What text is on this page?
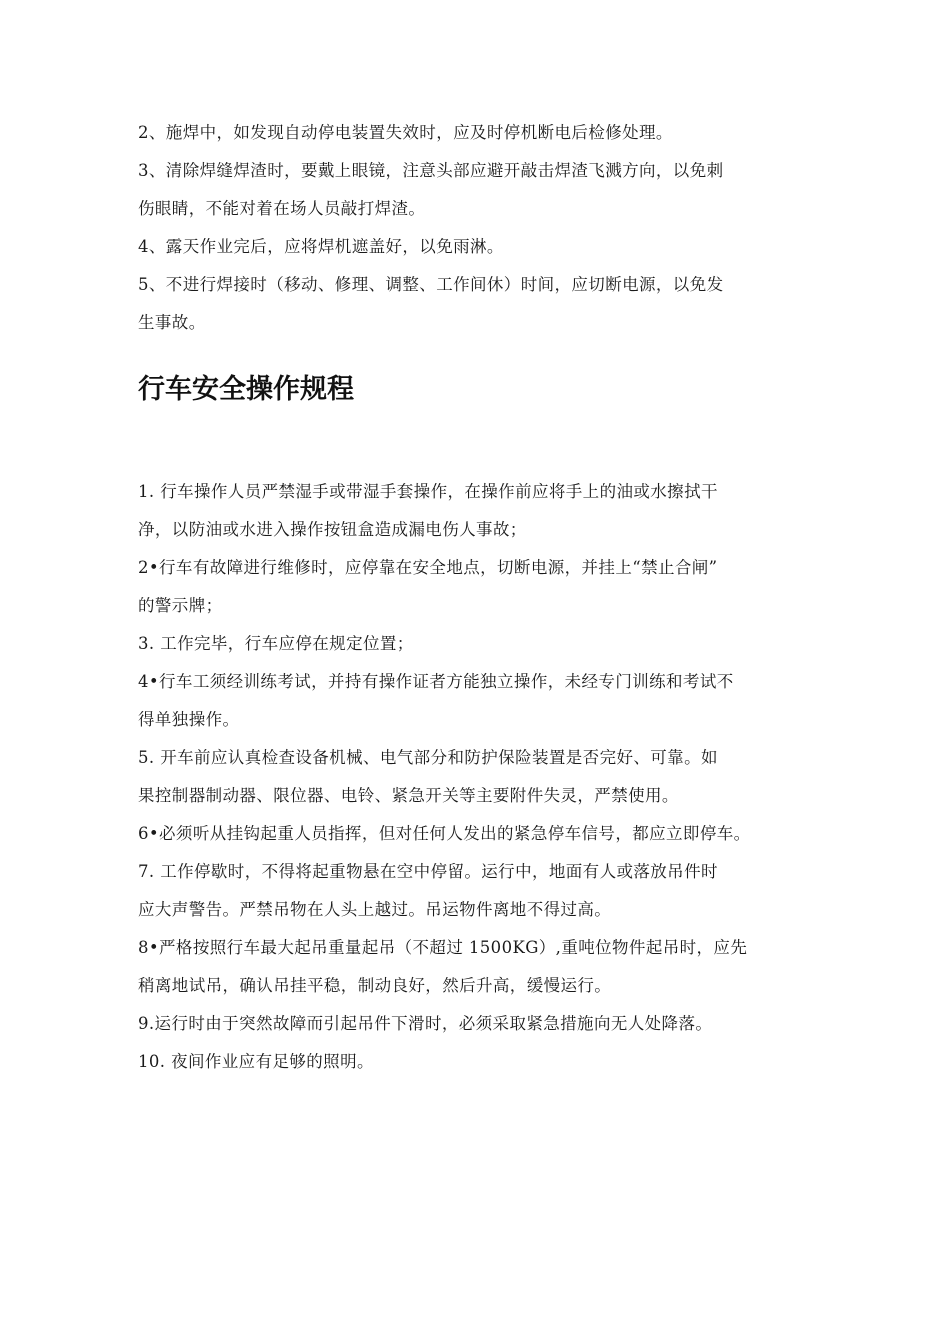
2、施焊中，如发现自动停电装置失效时，应及时停机断电后检修处理。

3、清除焊缝焊渣时，要戴上眼镜，注意头部应避开敲击焊渣飞溅方向，以免刺
伤眼睛，不能对着在场人员敲打焊渣。

4、露天作业完后，应将焊机遮盖好，以免雨淋。

5、不进行焊接时（移动、修理、调整、工作间休）时间，应切断电源，以免发
生事故。

行车安全操作规程

1. 行车操作人员严禁湿手或带湿手套操作，在操作前应将手上的油或水擦拭干
净，以防油或水进入操作按钮盒造成漏电伤人事故；

2•行车有故障进行维修时，应停靠在安全地点，切断电源，并挂上“禁止合闸”
的警示牌；

3. 工作完毕，行车应停在规定位置；

4•行车工须经训练考试，并持有操作证者方能独立操作，未经专门训练和考试不
得单独操作。

5. 开车前应认真检查设备机械、电气部分和防护保险装置是否完好、可靠。如
果控制器制动器、限位器、电铃、紧急开关等主要附件失灵，严禁使用。

6•必须听从挂钩起重人员指挥，但对任何人发出的紧急停车信号，都应立即停车。

7. 工作停歇时，不得将起重物悬在空中停留。运行中，地面有人或落放吊件时
应大声警告。严禁吊物在人头上越过。吊运物件离地不得过高。

8•严格按照行车最大起吊重量起吊（不超过 1500KG）,重吨位物件起吊时，应先
稍离地试吊，确认吊挂平稳，制动良好，然后升高，缓慢运行。

9.运行时由于突然故障而引起吊件下滑时，必须采取紧急措施向无人处降落。

10. 夜间作业应有足够的照明。
